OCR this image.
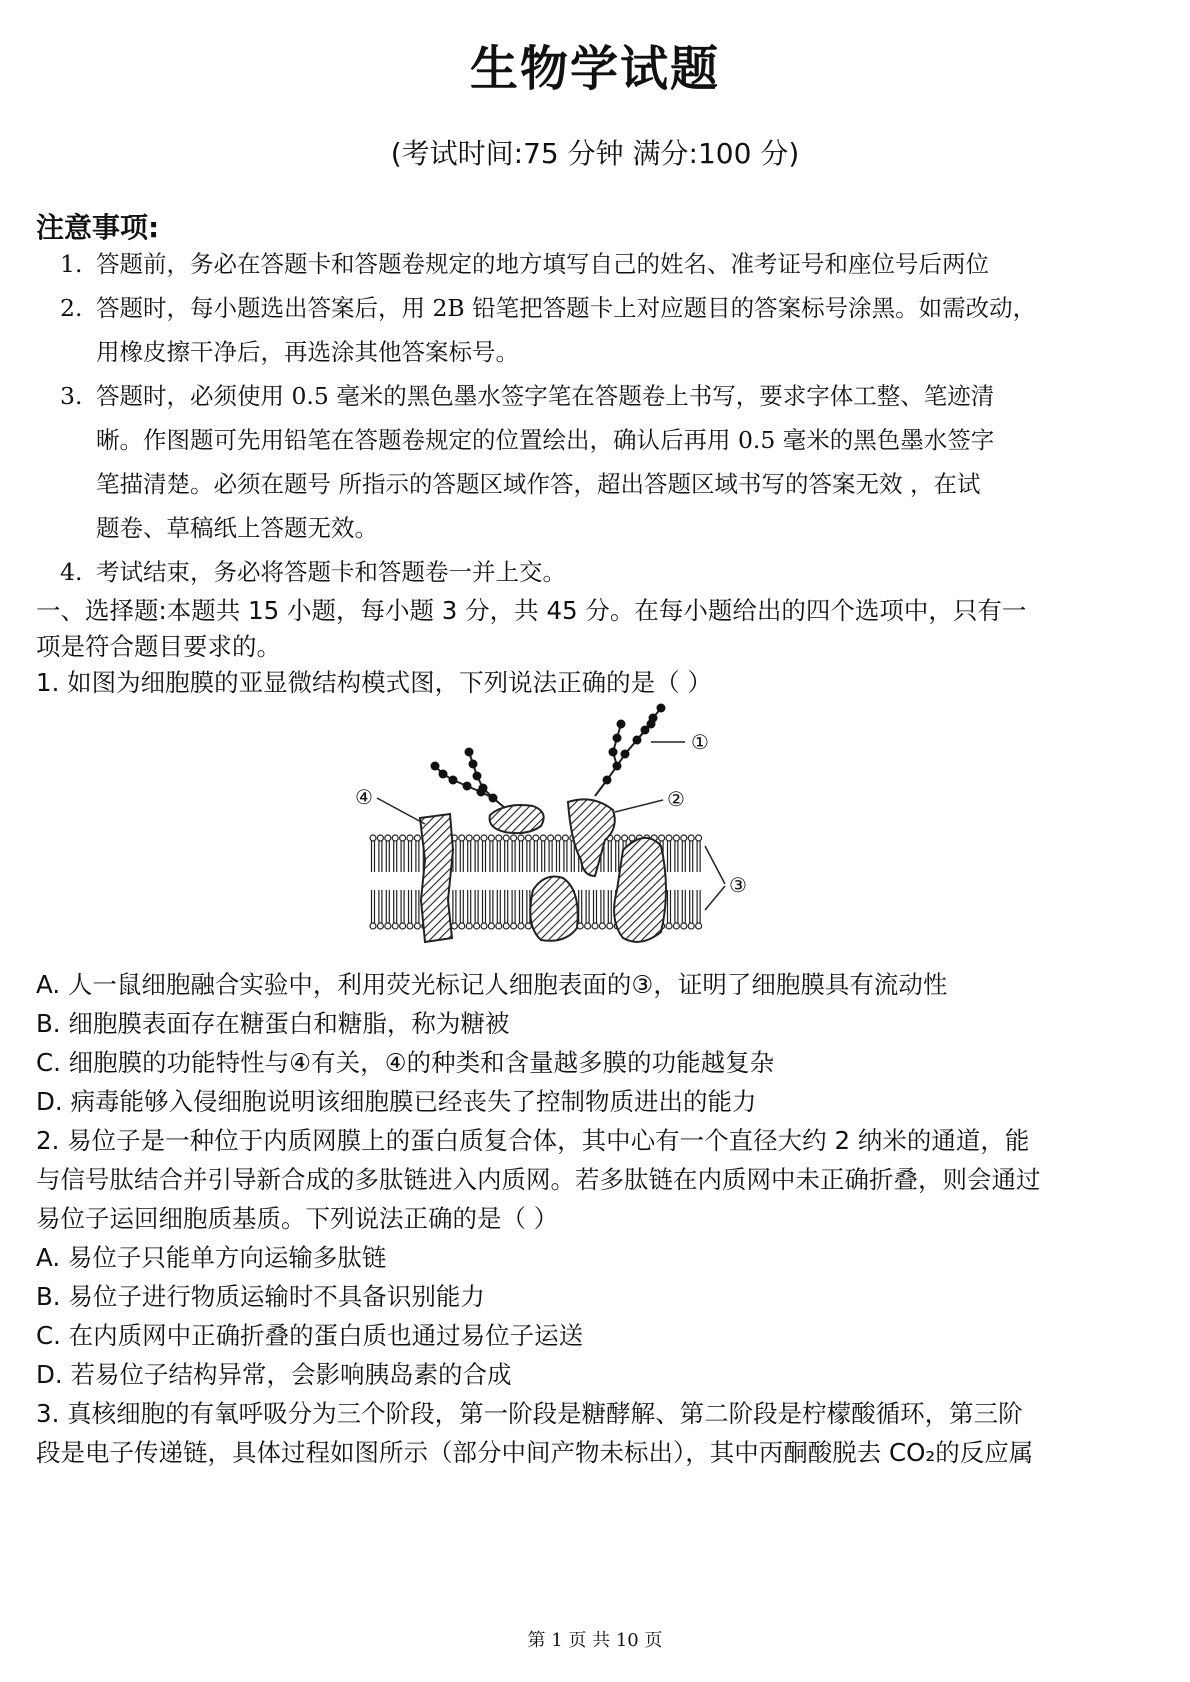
生物学试题
(考试时间:75 分钟 满分:100 分)
注意事项:
1. 答题前，务必在答题卡和答题卷规定的地方填写自己的姓名、准考证号和座位号后两位
2. 答题时，每小题选出答案后，用 2B 铅笔把答题卡上对应题目的答案标号涂黑。如需改动，
用橡皮擦干净后，再选涂其他答案标号。
3. 答题时，必须使用 0.5 毫米的黑色墨水签字笔在答题卷上书写，要求字体工整、笔迹清
晰。作图题可先用铅笔在答题卷规定的位置绘出，确认后再用 0.5 毫米的黑色墨水签字
笔描清楚。必须在题号 所指示的答题区域作答，超出答题区域书写的答案无效 ，在试
题卷、草稿纸上答题无效。
4. 考试结束，务必将答题卡和答题卷一并上交。
一、选择题:本题共 15 小题，每小题 3 分，共 45 分。在每小题给出的四个选项中，只有一
项是符合题目要求的。
1. 如图为细胞膜的亚显微结构模式图，下列说法正确的是（ ）
①
②
③
④
A. 人一鼠细胞融合实验中，利用荧光标记人细胞表面的③，证明了细胞膜具有流动性
B. 细胞膜表面存在糖蛋白和糖脂，称为糖被
C. 细胞膜的功能特性与④有关，④的种类和含量越多膜的功能越复杂
D. 病毒能够入侵细胞说明该细胞膜已经丧失了控制物质进出的能力
2. 易位子是一种位于内质网膜上的蛋白质复合体，其中心有一个直径大约 2 纳米的通道，能
与信号肽结合并引导新合成的多肽链进入内质网。若多肽链在内质网中未正确折叠，则会通过
易位子运回细胞质基质。下列说法正确的是（ ）
A. 易位子只能单方向运输多肽链
B. 易位子进行物质运输时不具备识别能力
C. 在内质网中正确折叠的蛋白质也通过易位子运送
D. 若易位子结构异常，会影响胰岛素的合成
3. 真核细胞的有氧呼吸分为三个阶段，第一阶段是糖酵解、第二阶段是柠檬酸循环，第三阶
段是电子传递链，具体过程如图所示（部分中间产物未标出），其中丙酮酸脱去 CO₂的反应属
第 1 页 共 10 页
